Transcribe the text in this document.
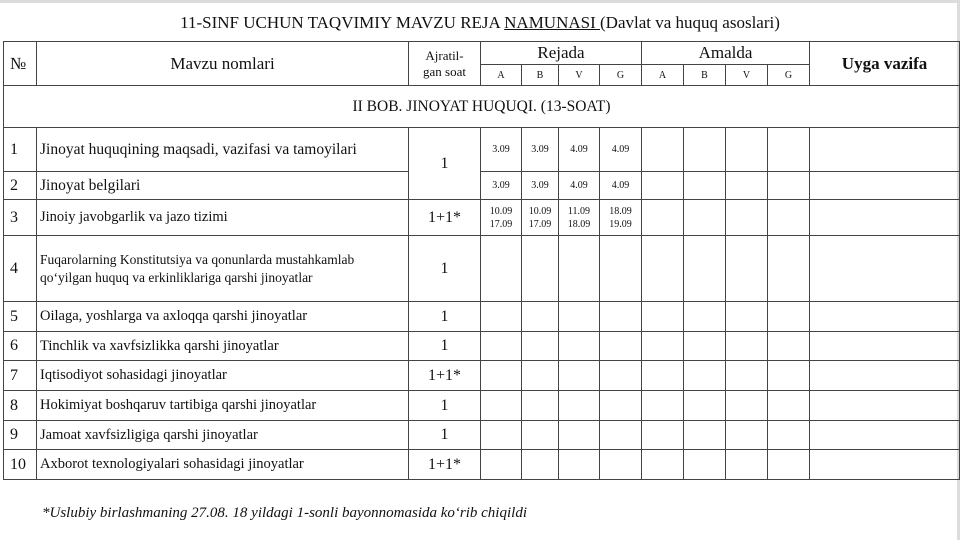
11-SINF UCHUN TAQVIMIY MAVZU REJA NAMUNASI (Davlat va huquq asoslari)
№	Mavzu nomlari	Ajratil-
gan soat	Rejada				Amalda				Uyga vazifa
			A	B	V	G	A	B	V	G	
II BOB. JINOYAT HUQUQI. (13-SOAT)											
1	Jinoyat huquqining maqsadi, vazifasi va tamoyilari	1	3.09	3.09	4.09	4.09					
2	Jinoyat belgilari		3.09	3.09	4.09	4.09					
3	Jinoiy javobgarlik va jazo tizimi	1+1*	10.09 17.09	10.09 17.09	11.09 18.09	18.09 19.09					
4	Fuqarolarning Konstitutsiya va qonunlarda mustahkamlab qo‘yilgan huquq va erkinliklariga qarshi jinoyatlar	1									
5	Oilaga, yoshlarga va axloqqa qarshi jinoyatlar	1									
6	Tinchlik va xavfsizlikka qarshi jinoyatlar	1									
7	Iqtisodiyot sohasidagi jinoyatlar	1+1*									
8	Hokimiyat boshqaruv tartibiga qarshi jinoyatlar	1									
9	Jamoat xavfsizligiga qarshi jinoyatlar	1									
10	Axborot texnologiyalari sohasidagi jinoyatlar	1+1*									
*Uslubiy birlashmaning 27.08. 18 yildagi 1-sonli bayonnomasida ko‘rib chiqildi
